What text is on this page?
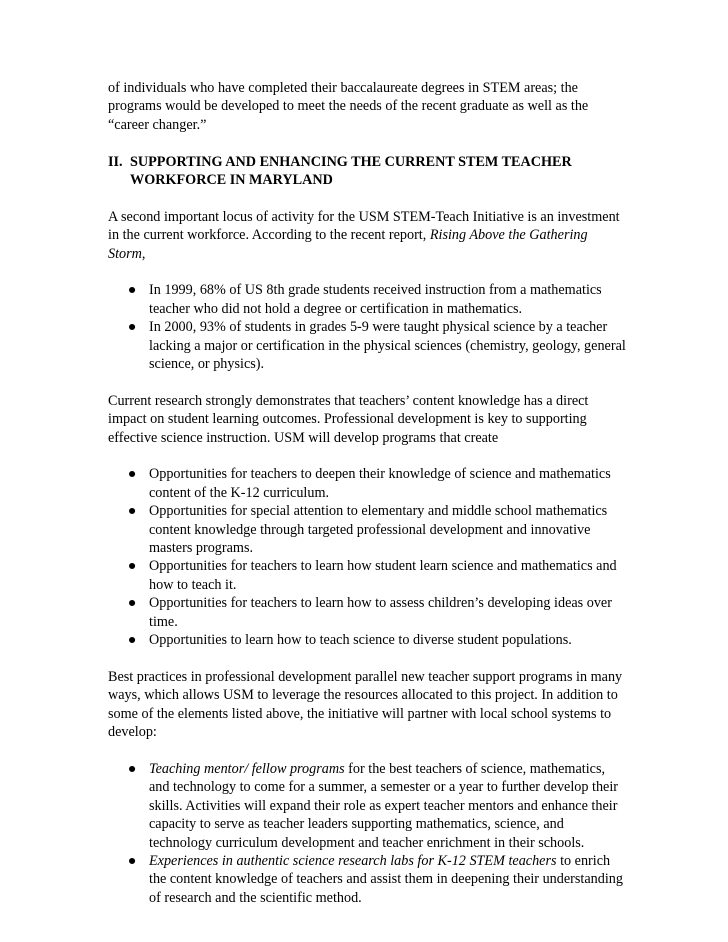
of individuals who have completed their baccalaureate degrees in STEM areas; the programs would be developed to meet the needs of the recent graduate as well as the “career changer.”

II. SUPPORTING AND ENHANCING THE CURRENT STEM TEACHER WORKFORCE IN MARYLAND

A second important locus of activity for the USM STEM-Teach Initiative is an investment in the current workforce. According to the recent report, Rising Above the Gathering Storm,

● In 1999, 68% of US 8th grade students received instruction from a mathematics teacher who did not hold a degree or certification in mathematics.
● In 2000, 93% of students in grades 5-9 were taught physical science by a teacher lacking a major or certification in the physical sciences (chemistry, geology, general science, or physics).

Current research strongly demonstrates that teachers’ content knowledge has a direct impact on student learning outcomes. Professional development is key to supporting effective science instruction. USM will develop programs that create

● Opportunities for teachers to deepen their knowledge of science and mathematics content of the K-12 curriculum.
● Opportunities for special attention to elementary and middle school mathematics content knowledge through targeted professional development and innovative masters programs.
● Opportunities for teachers to learn how student learn science and mathematics and how to teach it.
● Opportunities for teachers to learn how to assess children’s developing ideas over time.
● Opportunities to learn how to teach science to diverse student populations.

Best practices in professional development parallel new teacher support programs in many ways, which allows USM to leverage the resources allocated to this project. In addition to some of the elements listed above, the initiative will partner with local school systems to develop:

● Teaching mentor/ fellow programs for the best teachers of science, mathematics, and technology to come for a summer, a semester or a year to further develop their skills. Activities will expand their role as expert teacher mentors and enhance their capacity to serve as teacher leaders supporting mathematics, science, and technology curriculum development and teacher enrichment in their schools.
● Experiences in authentic science research labs for K-12 STEM teachers to enrich the content knowledge of teachers and assist them in deepening their understanding of research and the scientific method.
